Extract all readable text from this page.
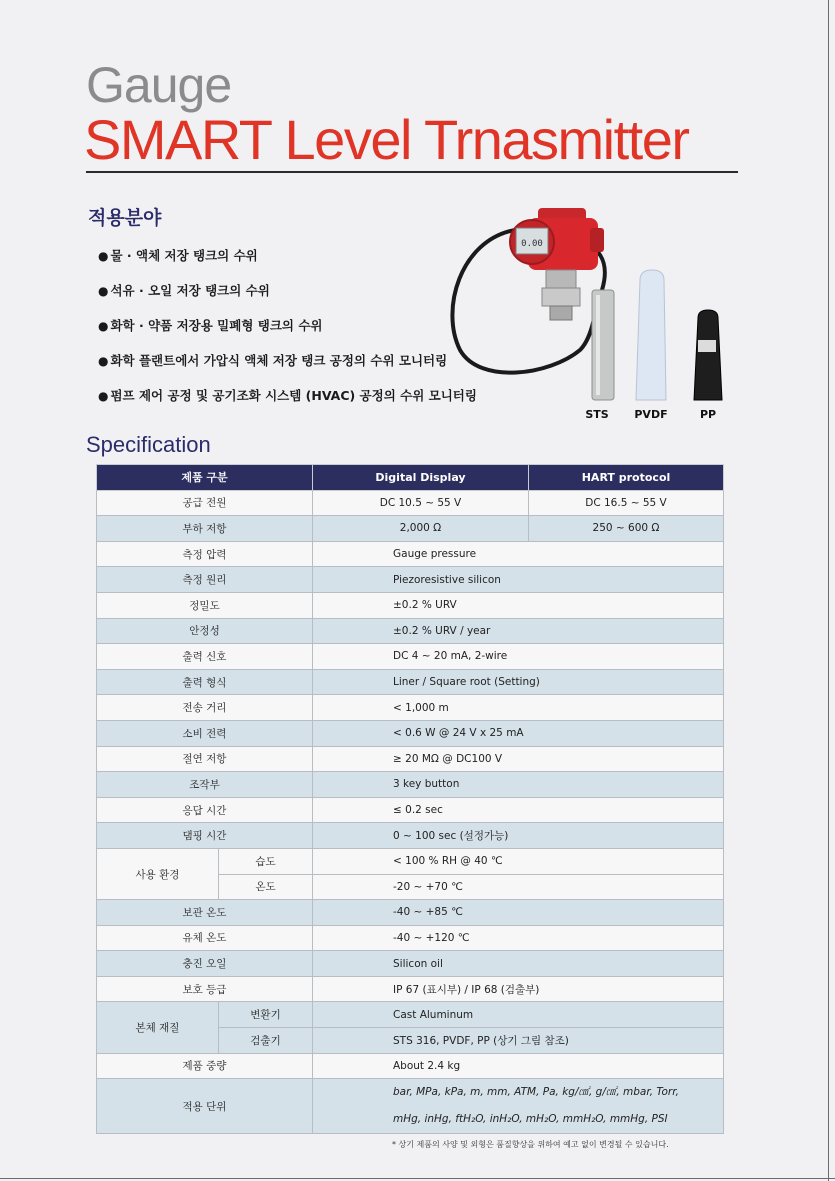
Gauge
SMART Level Trnasmitter
적용분야
● 물 · 액체 저장 탱크의 수위
● 석유 · 오일 저장 탱크의 수위
● 화학 · 약품 저장용 밀폐형 탱크의 수위
● 화학 플랜트에서 가압식 액체 저장 탱크 공정의 수위 모니터링
● 펌프 제어 공정 및 공기조화 시스템 (HVAC) 공정의 수위 모니터링
0.00
STS PVDF	PP
Specification
제품 구분		Digital Display	HART protocol
공급 전원		DC 10.5 ~ 55 V	DC 16.5 ~ 55 V
부하 저항		2,000 Ω	250 ~ 600 Ω
측정 압력		Gauge pressure	
측정 원리		Piezoresistive silicon	
정밀도		±0.2 % URV	
안정성		±0.2 % URV / year	
출력 신호		DC 4 ~ 20 mA, 2-wire	
출력 형식		Liner / Square root (Setting)	
전송 거리		< 1,000 m	
소비 전력		< 0.6 W @ 24 V x 25 mA	
절연 저항		≥ 20 MΩ @ DC100 V	
조작부		3 key button	
응답 시간		≤ 0.2 sec	
댐핑 시간		0 ~ 100 sec (설정가능)	
사용 환경	습도	< 100 % RH @ 40 ℃	
	온도	-20 ~ +70 ℃	
보관 온도		-40 ~ +85 ℃	
유체 온도		-40 ~ +120 ℃	
충진 오일		Silicon oil	
보호 등급		IP 67 (표시부) / IP 68 (검출부)	
본체 재질	변환기	Cast Aluminum	
	검출기	STS 316, PVDF, PP (상기 그림 참조)	
제품 중량		About 2.4 kg	
적용 단위		bar, MPa, kPa, m, mm, ATM, Pa, kg/㎠, g/㎠, mbar, Torr,
mHg, inHg, ftH₂O, inH₂O, mH₂O, mmH₂O, mmHg, PSI	
* 상기 제품의 사양 및 외형은 품질향상을 위하여 예고 없이 변경될 수 있습니다.
